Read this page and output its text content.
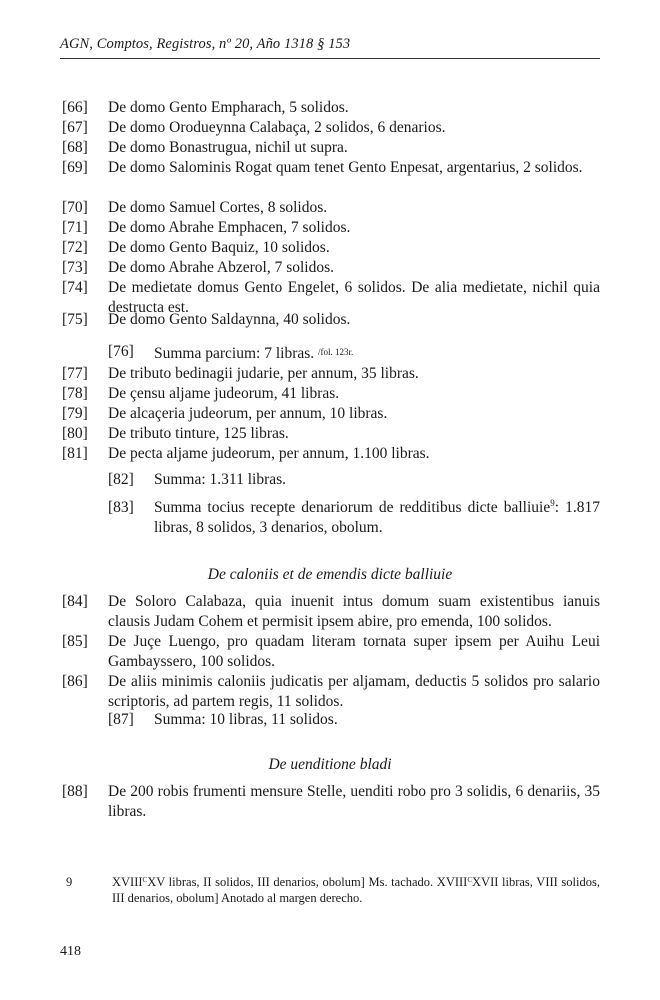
AGN, Comptos, Registros, nº 20, Año 1318 § 153
[66] De domo Gento Empharach, 5 solidos.
[67] De domo Orodueynna Calabaça, 2 solidos, 6 denarios.
[68] De domo Bonastrugua, nichil ut supra.
[69] De domo Salominis Rogat quam tenet Gento Enpesat, argentarius, 2 solidos.
[70] De domo Samuel Cortes, 8 solidos.
[71] De domo Abrahe Emphacen, 7 solidos.
[72] De domo Gento Baquiz, 10 solidos.
[73] De domo Abrahe Abzerol, 7 solidos.
[74] De medietate domus Gento Engelet, 6 solidos. De alia medietate, nichil quia destructa est.
[75] De domo Gento Saldaynna, 40 solidos.
[76] Summa parcium: 7 libras. /fol. 123r.
[77] De tributo bedinagii judarie, per annum, 35 libras.
[78] De çensu aljame judeorum, 41 libras.
[79] De alcaçeria judeorum, per annum, 10 libras.
[80] De tributo tinture, 125 libras.
[81] De pecta aljame judeorum, per annum, 1.100 libras.
[82] Summa: 1.311 libras.
[83] Summa tocius recepte denariorum de redditibus dicte balliuie$^9$: 1.817 libras, 8 solidos, 3 denarios, obolum.
De caloniis et de emendis dicte balliuie
[84] De Soloro Calabaza, quia inuenit intus domum suam existentibus ianuis clausis Judam Cohem et permisit ipsem abire, pro emenda, 100 solidos.
[85] De Juçe Luengo, pro quadam literam tornata super ipsem per Auihu Leui Gambayssero, 100 solidos.
[86] De aliis minimis caloniis judicatis per aljamam, deductis 5 solidos pro salario scriptoris, ad partem regis, 11 solidos.
[87] Summa: 10 libras, 11 solidos.
De uenditione bladi
[88] De 200 robis frumenti mensure Stelle, uenditi robo pro 3 solidis, 6 denariis, 35 libras.
9	$XVIII^CXV$ libras, II solidos, III denarios, obolum] Ms. tachado. $XVIII^CXVII$ libras, VIII solidos, III denarios, obolum] Anotado al margen derecho.
418
